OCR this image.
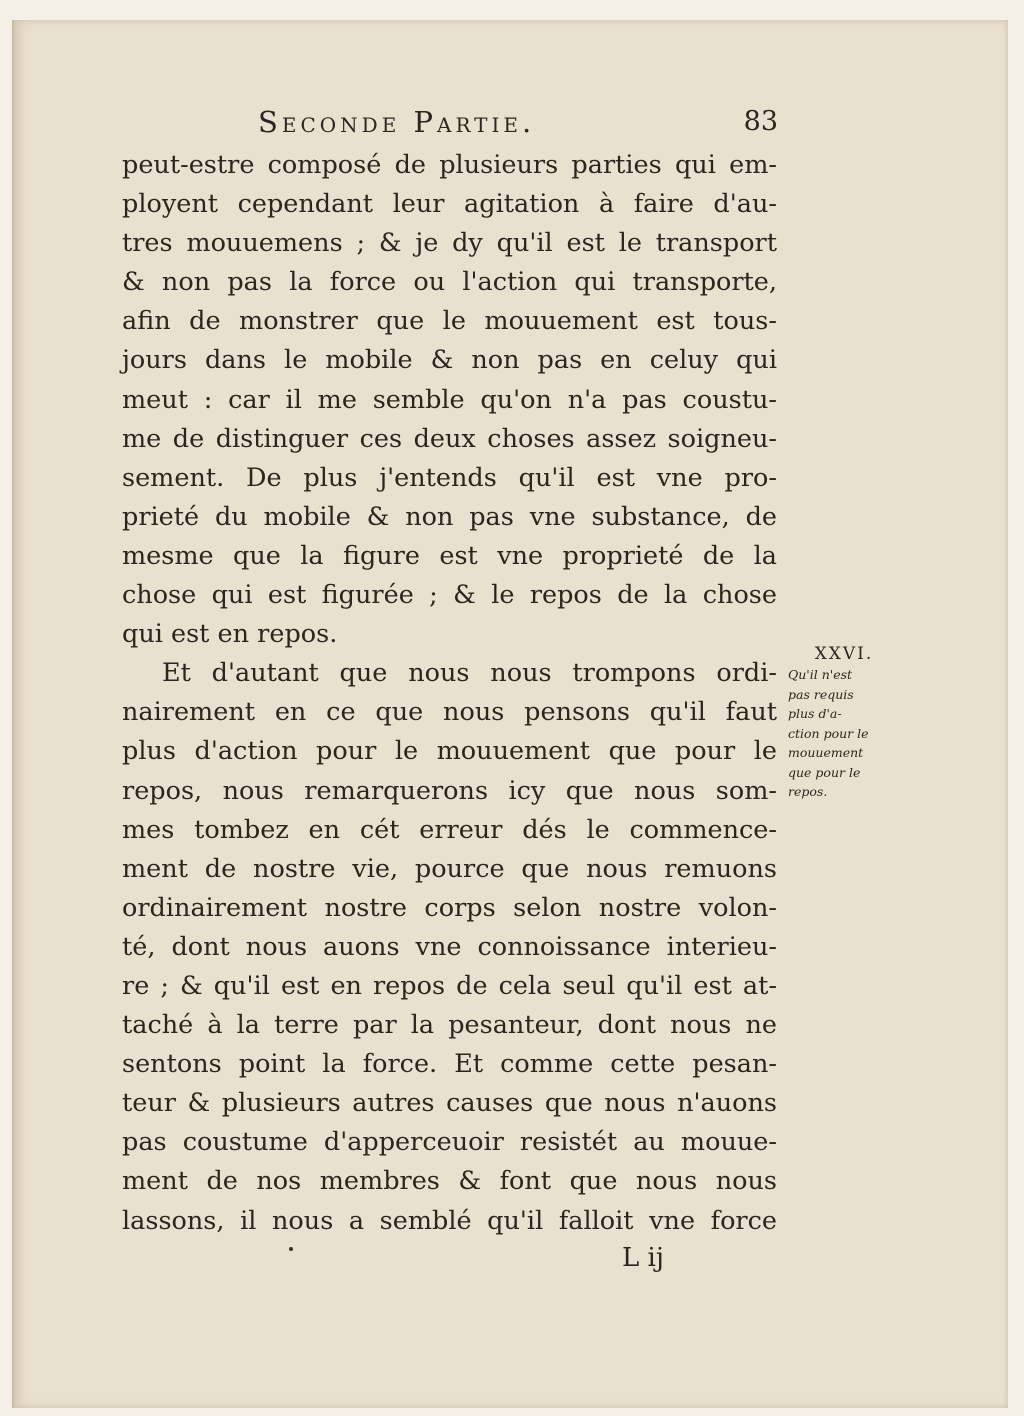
Seconde Partie.	83
peut-estre composé de plusieurs parties qui em-
ployent cependant leur agitation à faire d'au-
tres mouuemens ; & je dy qu'il est le transport
& non pas la force ou l'action qui transporte,
afin de monstrer que le mouuement est tous-
jours dans le mobile & non pas en celuy qui
meut : car il me semble qu'on n'a pas coustu-
me de distinguer ces deux choses assez soigneu-
sement. De plus j'entends qu'il est vne pro-
prieté du mobile & non pas vne substance, de
mesme que la figure est vne proprieté de la
chose qui est figurée ; & le repos de la chose
qui est en repos.
Et d'autant que nous nous trompons ordi-
nairement en ce que nous pensons qu'il faut
plus d'action pour le mouuement que pour le
repos, nous remarquerons icy que nous som-
mes tombez en cét erreur dés le commence-
ment de nostre vie, pource que nous remuons
ordinairement nostre corps selon nostre volon-
té, dont nous auons vne connoissance interieu-
re ; & qu'il est en repos de cela seul qu'il est at-
taché à la terre par la pesanteur, dont nous ne
sentons point la force. Et comme cette pesan-
teur & plusieurs autres causes que nous n'auons
pas coustume d'apperceuoir resistét au mouue-
ment de nos membres & font que nous nous
lassons, il nous a semblé qu'il falloit vne force
XXVI.
Qu'il n'est
pas requis
plus d'a-
ction pour le
mouuement
que pour le
repos.
L ij
